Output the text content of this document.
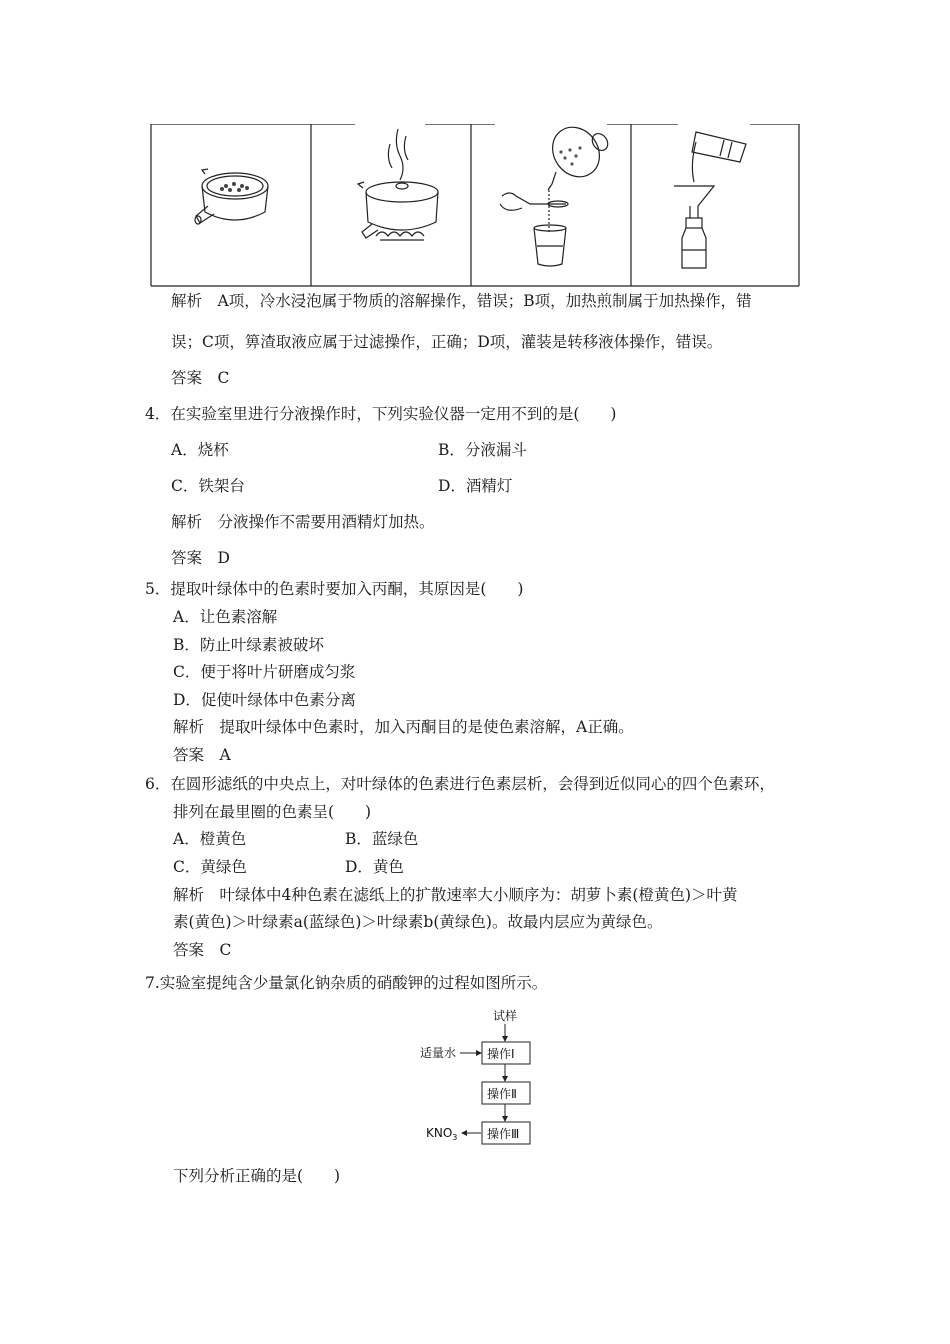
解析　 A项，冷水浸泡属于物质的溶解操作，错误；B项，加热煎制属于加热操作，错
误；C项，箅渣取液应属于过滤操作，正确；D项，灌装是转移液体操作，错误。
答案　 C
4．在实验室里进行分液操作时，下列实验仪器一定用不到的是(　　)
A．烧杯	B．分液漏斗
C．铁架台	D．酒精灯
解析　 分液操作不需要用酒精灯加热。
答案　 D
5．提取叶绿体中的色素时要加入丙酮，其原因是(　　)
A．让色素溶解
B．防止叶绿素被破坏
C．便于将叶片研磨成匀浆
D．促使叶绿体中色素分离
解析　 提取叶绿体中色素时，加入丙酮目的是使色素溶解，A正确。
答案　 A
6．在圆形滤纸的中央点上，对叶绿体的色素进行色素层析，会得到近似同心的四个色素环，
排列在最里圈的色素呈(　　)
A．橙黄色	B．蓝绿色
C．黄绿色	D．黄色
解析　 叶绿体中4种色素在滤纸上的扩散速率大小顺序为：胡萝卜素(橙黄色)＞叶黄
素(黄色)＞叶绿素a(蓝绿色)＞叶绿素b(黄绿色)。故最内层应为黄绿色。
答案　 C
7.实验室提纯含少量氯化钠杂质的硝酸钾的过程如图所示。
试样
适量水	操作Ⅰ
操作Ⅱ
操作Ⅲ
$KNO_3$
下列分析正确的是(　　)
